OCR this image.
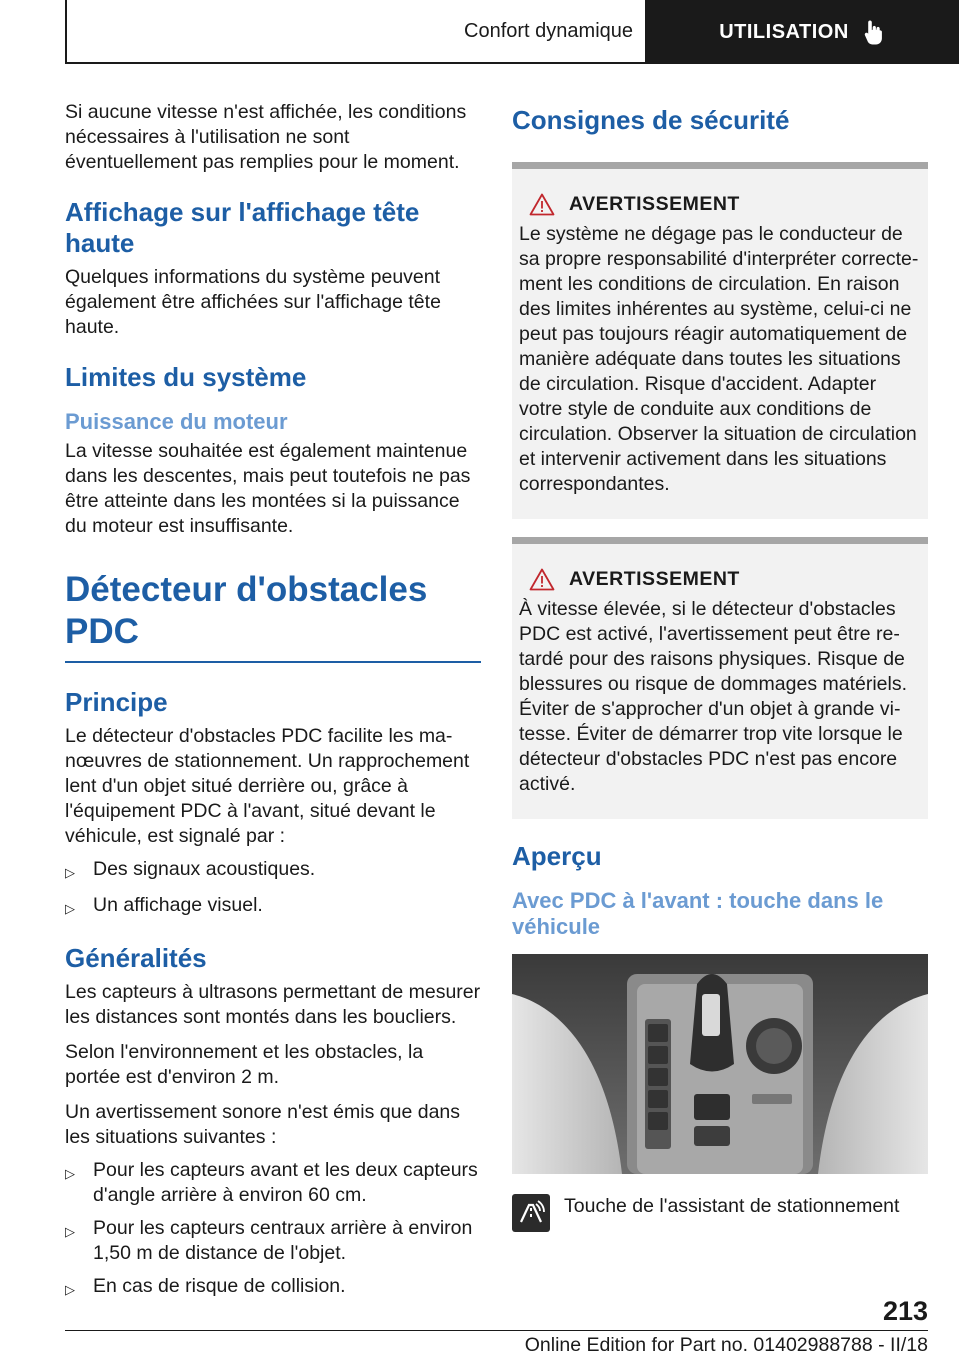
Confort dynamique	UTILISATION

Si aucune vitesse n'est affichée, les conditions nécessaires à l'utilisation ne sont éventuellement pas remplies pour le moment.

Affichage sur l'affichage tête haute

Quelques informations du système peuvent également être affichées sur l'affichage tête haute.

Limites du système
Puissance du moteur

La vitesse souhaitée est également maintenue dans les descentes, mais peut toutefois ne pas être atteinte dans les montées si la puissance du moteur est insuffisante.

Détecteur d'obstacles PDC
Principe

Le détecteur d'obstacles PDC facilite les manœuvres de stationnement. Un rapprochement lent d'un objet situé derrière ou, grâce à l'équipement PDC à l'avant, situé devant le véhicule, est signalé par :

▷ Des signaux acoustiques.
▷ Un affichage visuel.
Généralités

Les capteurs à ultrasons permettant de mesurer les distances sont montés dans les boucliers.

Selon l'environnement et les obstacles, la portée est d'environ 2 m.

Un avertissement sonore n'est émis que dans les situations suivantes :

▷ Pour les capteurs avant et les deux capteurs d'angle arrière à environ 60 cm.
▷ Pour les capteurs centraux arrière à environ 1,50 m de distance de l'objet.
▷ En cas de risque de collision.
Consignes de sécurité
AVERTISSEMENT

Le système ne dégage pas le conducteur de sa propre responsabilité d'interpréter correctement les conditions de circulation. En raison des limites inhérentes au système, celui-ci ne peut pas toujours réagir automatiquement de manière adéquate dans toutes les situations de circulation. Risque d'accident. Adapter votre style de conduite aux conditions de circulation. Observer la situation de circulation et intervenir activement dans les situations correspondantes.

AVERTISSEMENT

À vitesse élevée, si le détecteur d'obstacles PDC est activé, l'avertissement peut être retardé pour des raisons physiques. Risque de blessures ou risque de dommages matériels. Éviter de s'approcher d'un objet à grande vitesse. Éviter de démarrer trop vite lorsque le détecteur d'obstacles PDC n'est pas encore activé.

Aperçu
Avec PDC à l'avant : touche dans le véhicule

Touche de l'assistant de stationnement

213
Online Edition for Part no. 01402988788 - II/18
